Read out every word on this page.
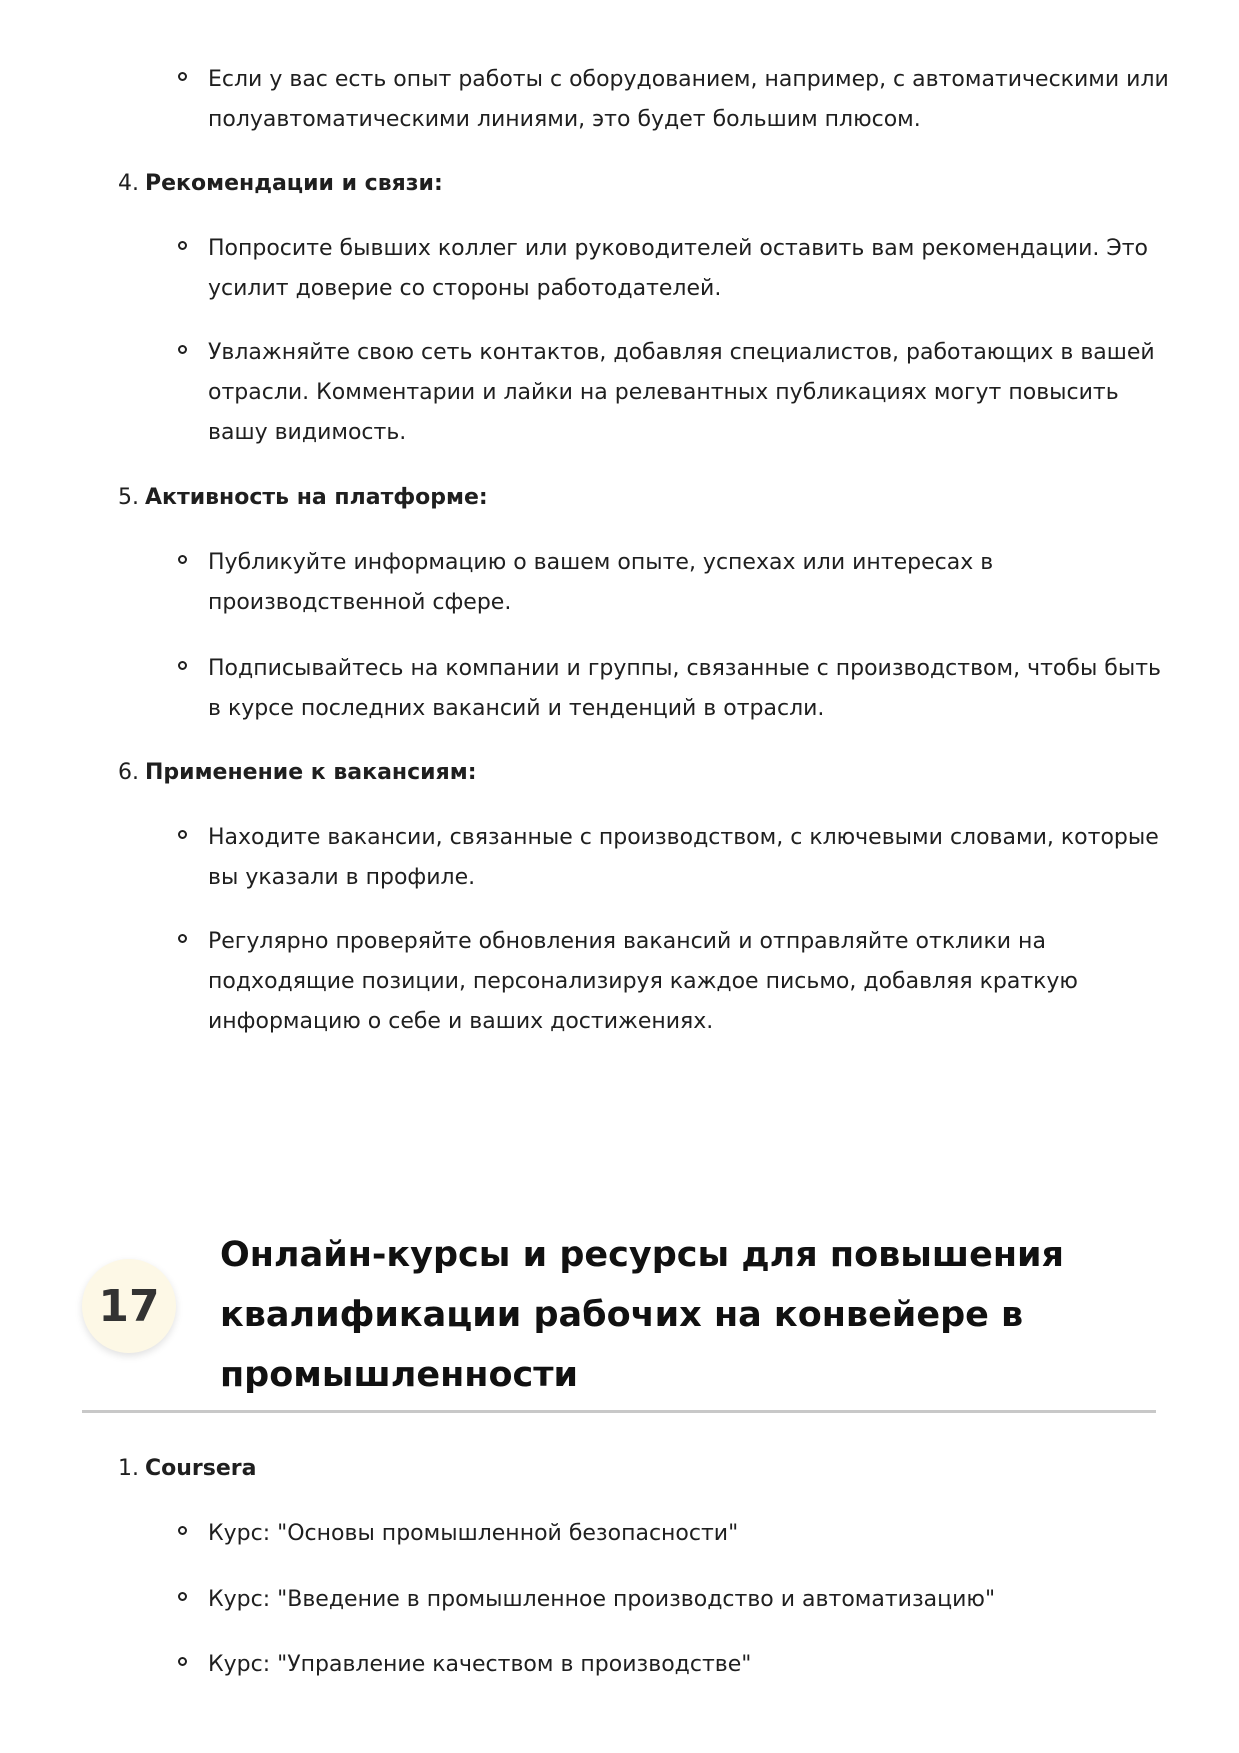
Если у вас есть опыт работы с оборудованием, например, с автоматическими или полуавтоматическими линиями, это будет большим плюсом.
4. Рекомендации и связи:
Попросите бывших коллег или руководителей оставить вам рекомендации. Это усилит доверие со стороны работодателей.
Увлажняйте свою сеть контактов, добавляя специалистов, работающих в вашей отрасли. Комментарии и лайки на релевантных публикациях могут повысить вашу видимость.
5. Активность на платформе:
Публикуйте информацию о вашем опыте, успехах или интересах в производственной сфере.
Подписывайтесь на компании и группы, связанные с производством, чтобы быть в курсе последних вакансий и тенденций в отрасли.
6. Применение к вакансиям:
Находите вакансии, связанные с производством, с ключевыми словами, которые вы указали в профиле.
Регулярно проверяйте обновления вакансий и отправляйте отклики на подходящие позиции, персонализируя каждое письмо, добавляя краткую информацию о себе и ваших достижениях.
17
Онлайн-курсы и ресурсы для повышения квалификации рабочих на конвейере в промышленности
1. Coursera
Курс: "Основы промышленной безопасности"
Курс: "Введение в промышленное производство и автоматизацию"
Курс: "Управление качеством в производстве"
